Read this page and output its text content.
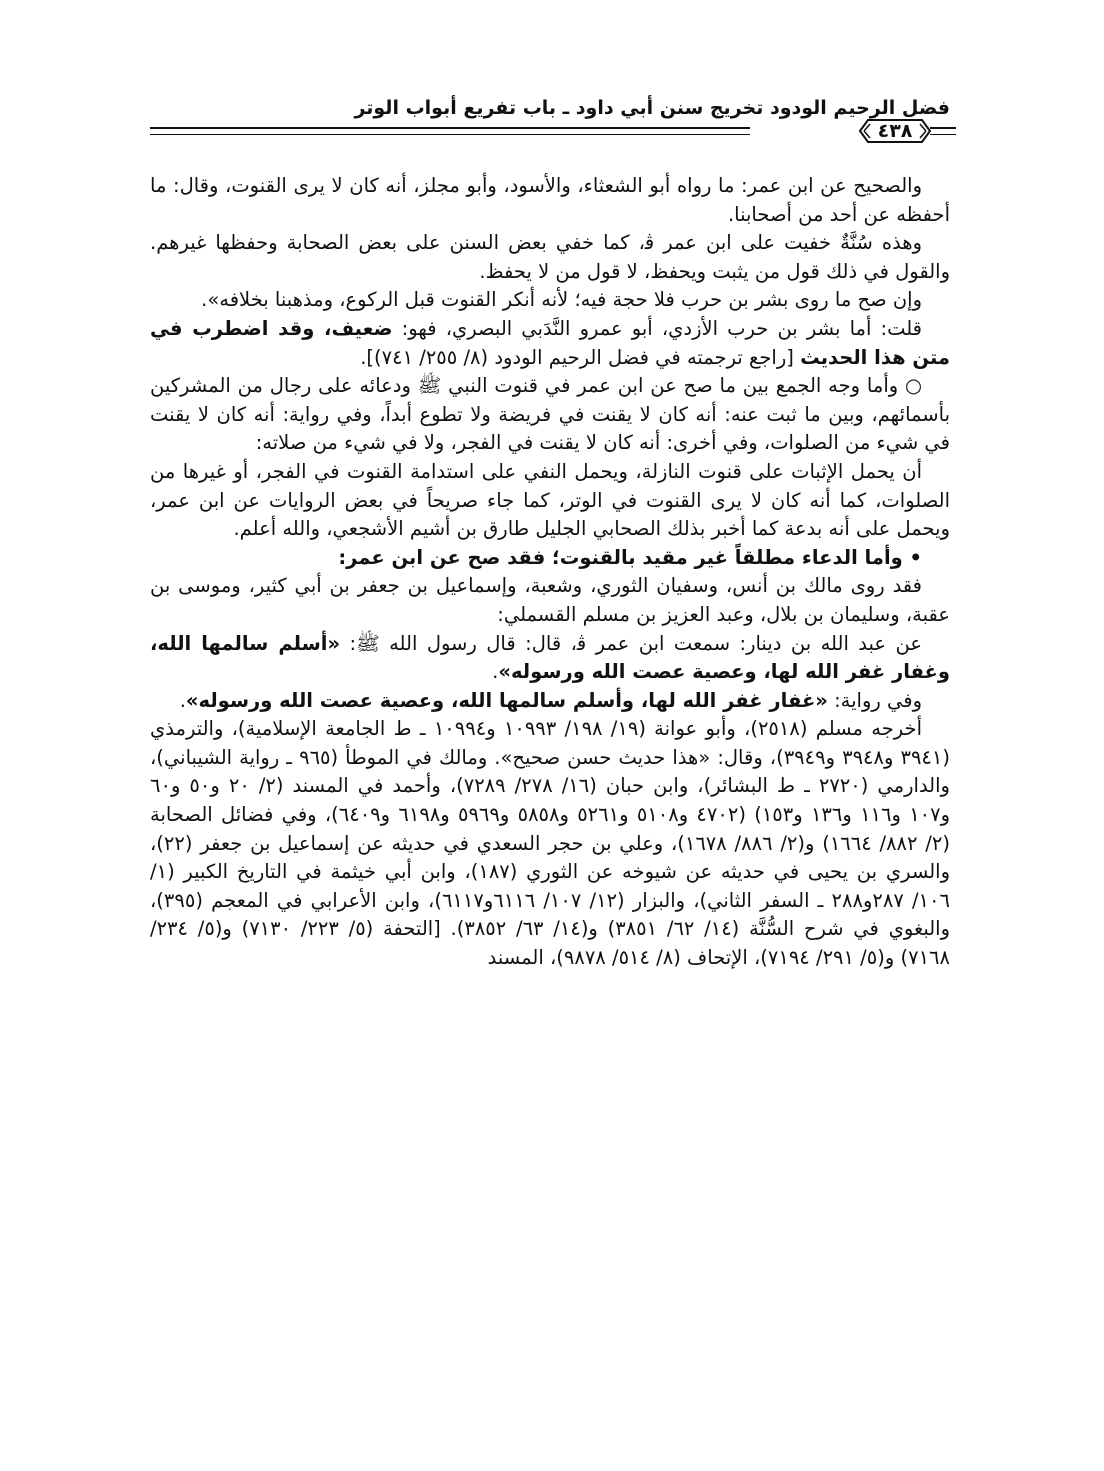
فضل الرحيم الودود تخريج سنن أبي داود ـ باب تفريع أبواب الوتر
٤٣٨

والصحيح عن ابن عمر: ما رواه أبو الشعثاء، والأسود، وأبو مجلز، أنه كان لا يرى القنوت، وقال: ما أحفظه عن أحد من أصحابنا.

وهذه سُنَّةٌ خفيت على ابن عمر ﭬ، كما خفي بعض السنن على بعض الصحابة وحفظها غيرهم. والقول في ذلك قول من يثبت ويحفظ، لا قول من لا يحفظ.

وإن صح ما روى بشر بن حرب فلا حجة فيه؛ لأنه أنكر القنوت قبل الركوع، ومذهبنا بخلافه».

قلت: أما بشر بن حرب الأزدي، أبو عمرو النَّدَبي البصري، فهو: ضعيف، وقد اضطرب في متن هذا الحديث [راجع ترجمته في فضل الرحيم الودود (٨/ ٢٥٥/ ٧٤١)].

○ وأما وجه الجمع بين ما صح عن ابن عمر في قنوت النبي ﷺ ودعائه على رجال من المشركين بأسمائهم، وبين ما ثبت عنه: أنه كان لا يقنت في فريضة ولا تطوع أبداً، وفي رواية: أنه كان لا يقنت في شيء من الصلوات، وفي أخرى: أنه كان لا يقنت في الفجر، ولا في شيء من صلاته:

أن يحمل الإثبات على قنوت النازلة، ويحمل النفي على استدامة القنوت في الفجر، أو غيرها من الصلوات، كما أنه كان لا يرى القنوت في الوتر، كما جاء صريحاً في بعض الروايات عن ابن عمر، ويحمل على أنه بدعة كما أخبر بذلك الصحابي الجليل طارق بن أشيم الأشجعي، والله أعلم.

• وأما الدعاء مطلقاً غير مقيد بالقنوت؛ فقد صح عن ابن عمر:

فقد روى مالك بن أنس، وسفيان الثوري، وشعبة، وإسماعيل بن جعفر بن أبي كثير، وموسى بن عقبة، وسليمان بن بلال، وعبد العزيز بن مسلم القسملي:

عن عبد الله بن دينار: سمعت ابن عمر ﭬ، قال: قال رسول الله ﷺ: «أسلم سالمها الله، وغفار غفر الله لها، وعصية عصت الله ورسوله».

وفي رواية: «غفار غفر الله لها، وأسلم سالمها الله، وعصية عصت الله ورسوله».

أخرجه مسلم (٢٥١٨)، وأبو عوانة (١٩/ ١٩٨/ ١٠٩٩٣ و١٠٩٩٤ ـ ط الجامعة الإسلامية)، والترمذي (٣٩٤١ و٣٩٤٨ و٣٩٤٩)، وقال: «هذا حديث حسن صحيح». ومالك في الموطأ (٩٦٥ ـ رواية الشيباني)، والدارمي (٢٧٢٠ ـ ط البشائر)، وابن حبان (١٦/ ٢٧٨/ ٧٢٨٩)، وأحمد في المسند (٢/ ٢٠ و٥٠ و٦٠ و١٠٧ و١١٦ و١٣٦ و١٥٣) (٤٧٠٢ و٥١٠٨ و٥٢٦١ و٥٨٥٨ و٥٩٦٩ و٦١٩٨ و٦٤٠٩)، وفي فضائل الصحابة (٢/ ٨٨٢/ ١٦٦٤) و(٢/ ٨٨٦/ ١٦٧٨)، وعلي بن حجر السعدي في حديثه عن إسماعيل بن جعفر (٢٢)، والسري بن يحيى في حديثه عن شيوخه عن الثوري (١٨٧)، وابن أبي خيثمة في التاريخ الكبير (١/ ١٠٦/ ٢٨٧و٢٨٨ ـ السفر الثاني)، والبزار (١٢/ ١٠٧/ ٦١١٦و٦١١٧)، وابن الأعرابي في المعجم (٣٩٥)، والبغوي في شرح السُّنَّة (١٤/ ٦٢/ ٣٨٥١) و(١٤/ ٦٣/ ٣٨٥٢). [التحفة (٥/ ٢٢٣/ ٧١٣٠) و(٥/ ٢٣٤/ ٧١٦٨) و(٥/ ٢٩١/ ٧١٩٤)، الإتحاف (٨/ ٥١٤/ ٩٨٧٨)، المسند
